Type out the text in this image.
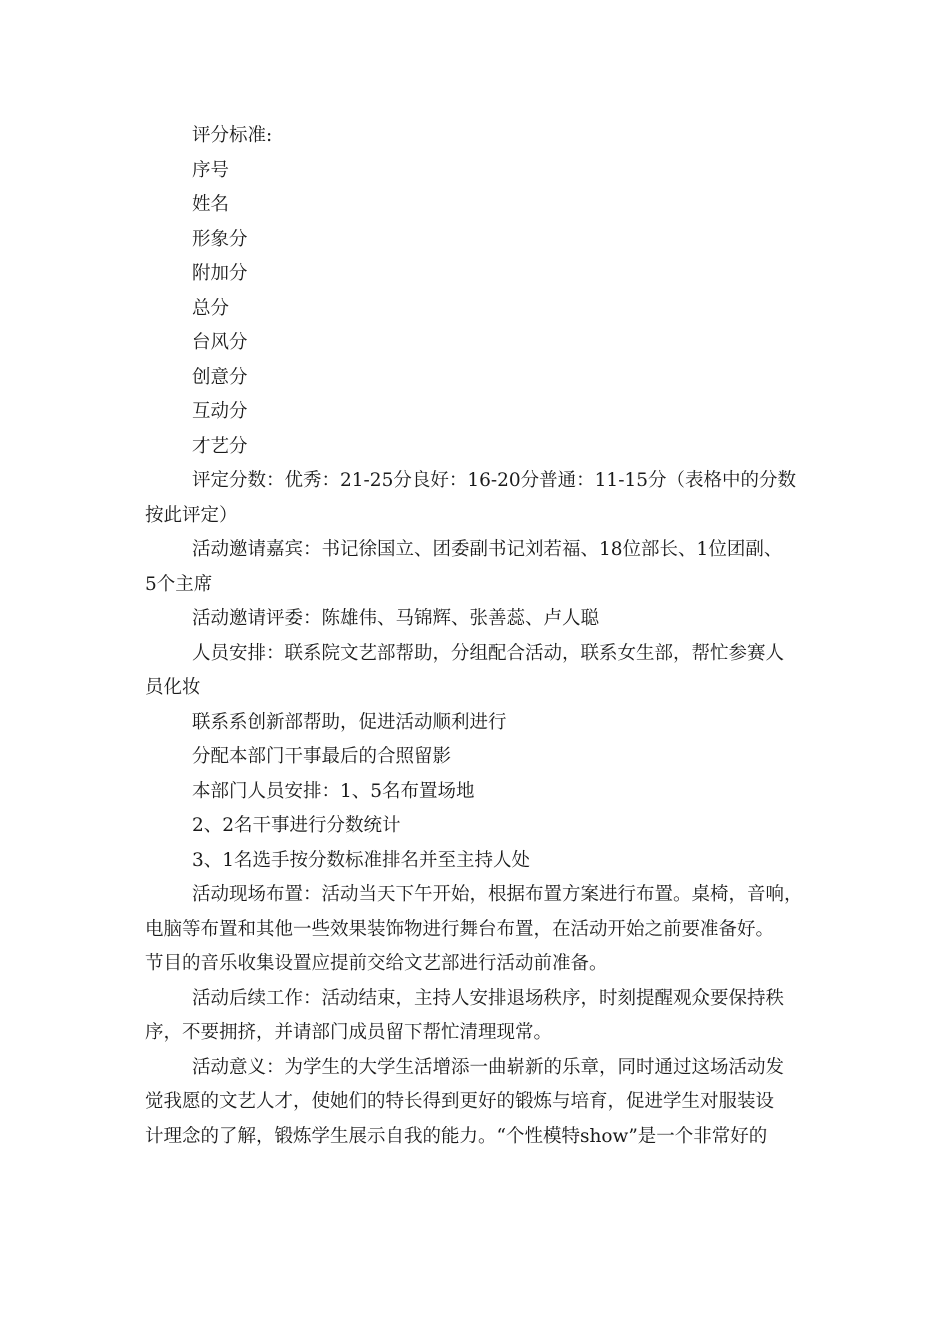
评分标准:
序号
姓名
形象分
附加分
总分
台风分
创意分
互动分
才艺分
评定分数：优秀：21-25分良好：16-20分普通：11-15分（表格中的分数
按此评定）
活动邀请嘉宾：书记徐国立、团委副书记刘若福、18位部长、1位团副、
5个主席
活动邀请评委：陈雄伟、马锦辉、张善蕊、卢人聪
人员安排：联系院文艺部帮助，分组配合活动，联系女生部，帮忙参赛人
员化妆
联系系创新部帮助，促进活动顺利进行
分配本部门干事最后的合照留影
本部门人员安排：1、5名布置场地
2、2名干事进行分数统计
3、1名选手按分数标准排名并至主持人处
活动现场布置：活动当天下午开始，根据布置方案进行布置。桌椅，音响，
电脑等布置和其他一些效果装饰物进行舞台布置，在活动开始之前要准备好。
节目的音乐收集设置应提前交给文艺部进行活动前准备。
活动后续工作：活动结束，主持人安排退场秩序，时刻提醒观众要保持秩
序，不要拥挤，并请部门成员留下帮忙清理现常。
活动意义：为学生的大学生活增添一曲崭新的乐章，同时通过这场活动发
觉我愿的文艺人才，使她们的特长得到更好的锻炼与培育，促进学生对服装设
计理念的了解，锻炼学生展示自我的能力。“个性模特show”是一个非常好的
